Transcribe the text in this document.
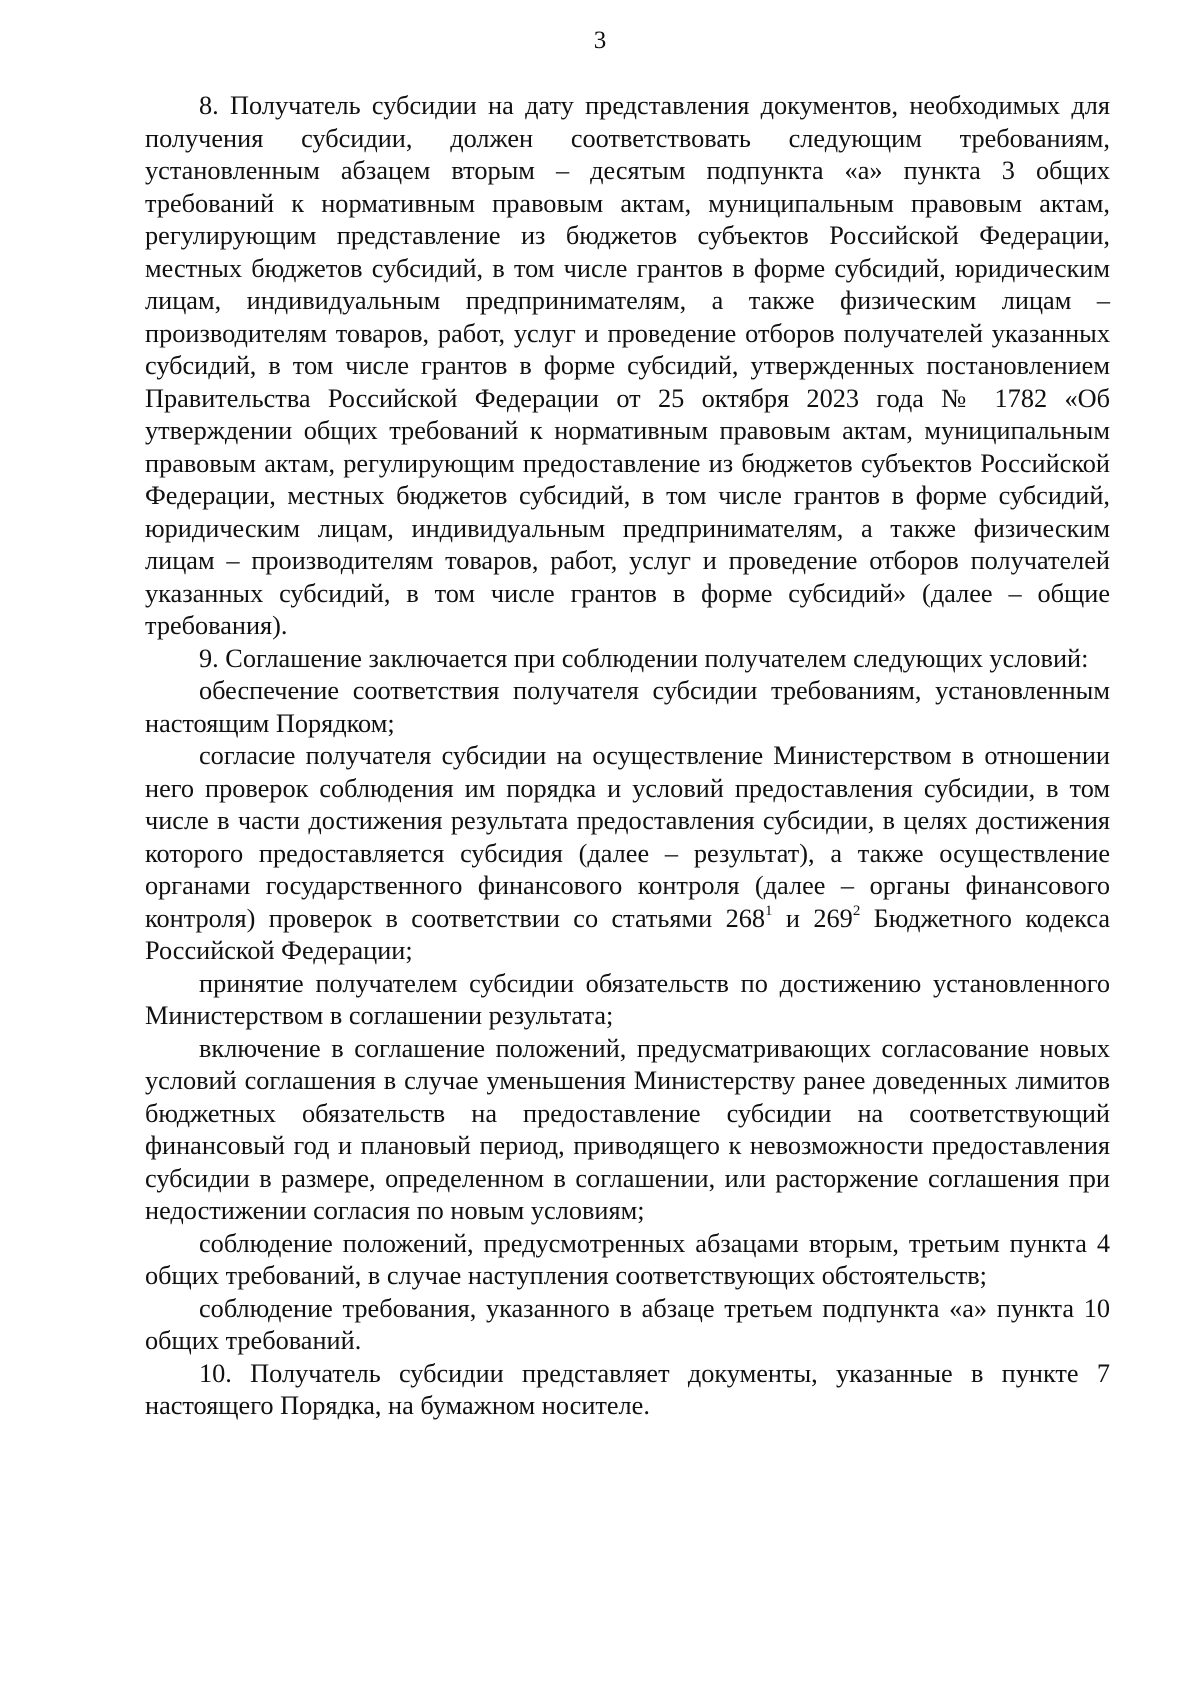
3

8. Получатель субсидии на дату представления документов, необходимых для получения субсидии, должен соответствовать следующим требованиям, установленным абзацем вторым – десятым подпункта «а» пункта 3 общих требований к нормативным правовым актам, муниципальным правовым актам, регулирующим представление из бюджетов субъектов Российской Федерации, местных бюджетов субсидий, в том числе грантов в форме субсидий, юридическим лицам, индивидуальным предпринимателям, а также физическим лицам – производителям товаров, работ, услуг и проведение отборов получателей указанных субсидий, в том числе грантов в форме субсидий, утвержденных постановлением Правительства Российской Федерации от 25 октября 2023 года № 1782 «Об утверждении общих требований к нормативным правовым актам, муниципальным правовым актам, регулирующим предоставление из бюджетов субъектов Российской Федерации, местных бюджетов субсидий, в том числе грантов в форме субсидий, юридическим лицам, индивидуальным предпринимателям, а также физическим лицам – производителям товаров, работ, услуг и проведение отборов получателей указанных субсидий, в том числе грантов в форме субсидий» (далее – общие требования).

9. Соглашение заключается при соблюдении получателем следующих условий:

обеспечение соответствия получателя субсидии требованиям, установленным настоящим Порядком;

согласие получателя субсидии на осуществление Министерством в отношении него проверок соблюдения им порядка и условий предоставления субсидии, в том числе в части достижения результата предоставления субсидии, в целях достижения которого предоставляется субсидия (далее – результат), а также осуществление органами государственного финансового контроля (далее – органы финансового контроля) проверок в соответствии со статьями $268^1$ и $269^2$ Бюджетного кодекса Российской Федерации;

принятие получателем субсидии обязательств по достижению установленного Министерством в соглашении результата;

включение в соглашение положений, предусматривающих согласование новых условий соглашения в случае уменьшения Министерству ранее доведенных лимитов бюджетных обязательств на предоставление субсидии на соответствующий финансовый год и плановый период, приводящего к невозможности предоставления субсидии в размере, определенном в соглашении, или расторжение соглашения при недостижении согласия по новым условиям;

соблюдение положений, предусмотренных абзацами вторым, третьим пункта 4 общих требований, в случае наступления соответствующих обстоятельств;

соблюдение требования, указанного в абзаце третьем подпункта «а» пункта 10 общих требований.

10. Получатель субсидии представляет документы, указанные в пункте 7 настоящего Порядка, на бумажном носителе.
